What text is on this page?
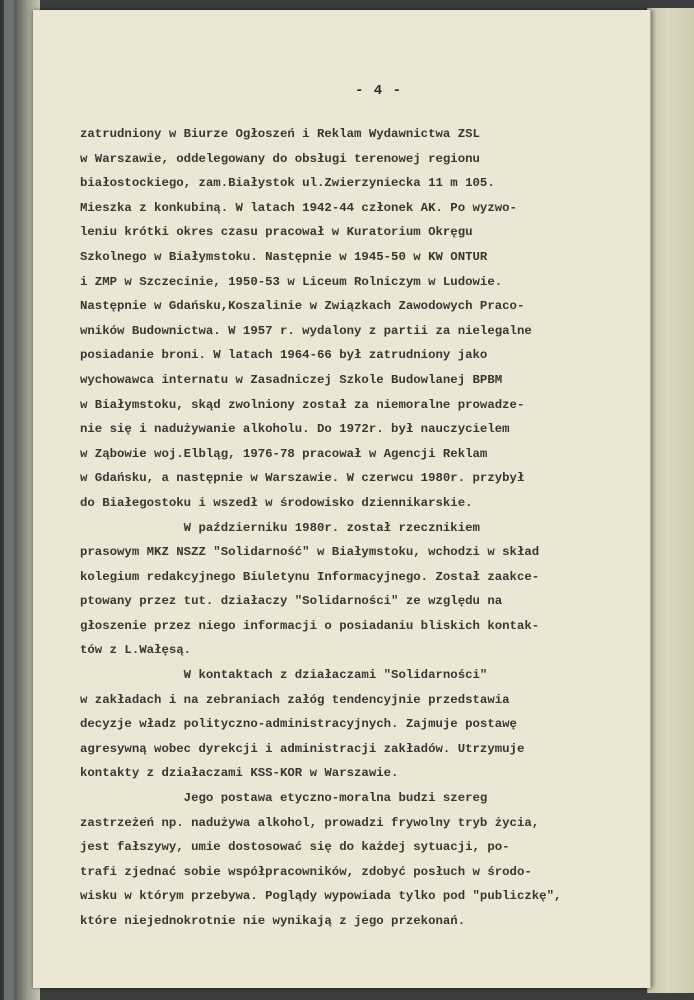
- 4 -
zatrudniony w Biurze Ogłoszeń i Reklam Wydawnictwa ZSL
w Warszawie, oddelegowany do obsługi terenowej regionu
białostockiego, zam.Białystok ul.Zwierzyniecka 11 m 105.
Mieszka z konkubiną. W latach 1942-44 członek AK. Po wyzwo-
leniu krótki okres czasu pracował w Kuratorium Okręgu
Szkolnego w Białymstoku. Następnie w 1945-50 w KW ONTUR
i ZMP w Szczecinie, 1950-53 w Liceum Rolniczym w Ludowie.
Następnie w Gdańsku,Koszalinie w Związkach Zawodowych Praco-
wników Budownictwa. W 1957 r. wydalony z partii za nielegalne
posiadanie broni. W latach 1964-66 był zatrudniony jako
wychowawca internatu w Zasadniczej Szkole Budowlanej BPBM
w Białymstoku, skąd zwolniony został za niemoralne prowadze-
nie się i nadużywanie alkoholu. Do 1972r. był nauczycielem
w Ząbowie woj.Elbląg, 1976-78 pracował w Agencji Reklam
w Gdańsku, a następnie w Warszawie. W czerwcu 1980r. przybył
do Białegostoku i wszedł w środowisko dziennikarskie.
W październiku 1980r. został rzecznikiem
prasowym MKZ NSZZ "Solidarność" w Białymstoku, wchodzi w skład
kolegium redakcyjnego Biuletynu Informacyjnego. Został zaakce-
ptowany przez tut. działaczy "Solidarności" ze względu na
głoszenie przez niego informacji o posiadaniu bliskich kontak-
tów z L.Wałęsą.
W kontaktach z działaczami "Solidarności"
w zakładach i na zebraniach załóg tendencyjnie przedstawia
decyzje władz polityczno-administracyjnych. Zajmuje postawę
agresywną wobec dyrekcji i administracji zakładów. Utrzymuje
kontakty z działaczami KSS-KOR w Warszawie.
Jego postawa etyczno-moralna budzi szereg
zastrzeżeń np. nadużywa alkohol, prowadzi frywolny tryb życia,
jest fałszywy, umie dostosować się do każdej sytuacji, po-
trafi zjednać sobie współpracowników, zdobyć posłuch w środo-
wisku w którym przebywa. Poglądy wypowiada tylko pod "publiczkę",
które niejednokrotnie nie wynikają z jego przekonań.
